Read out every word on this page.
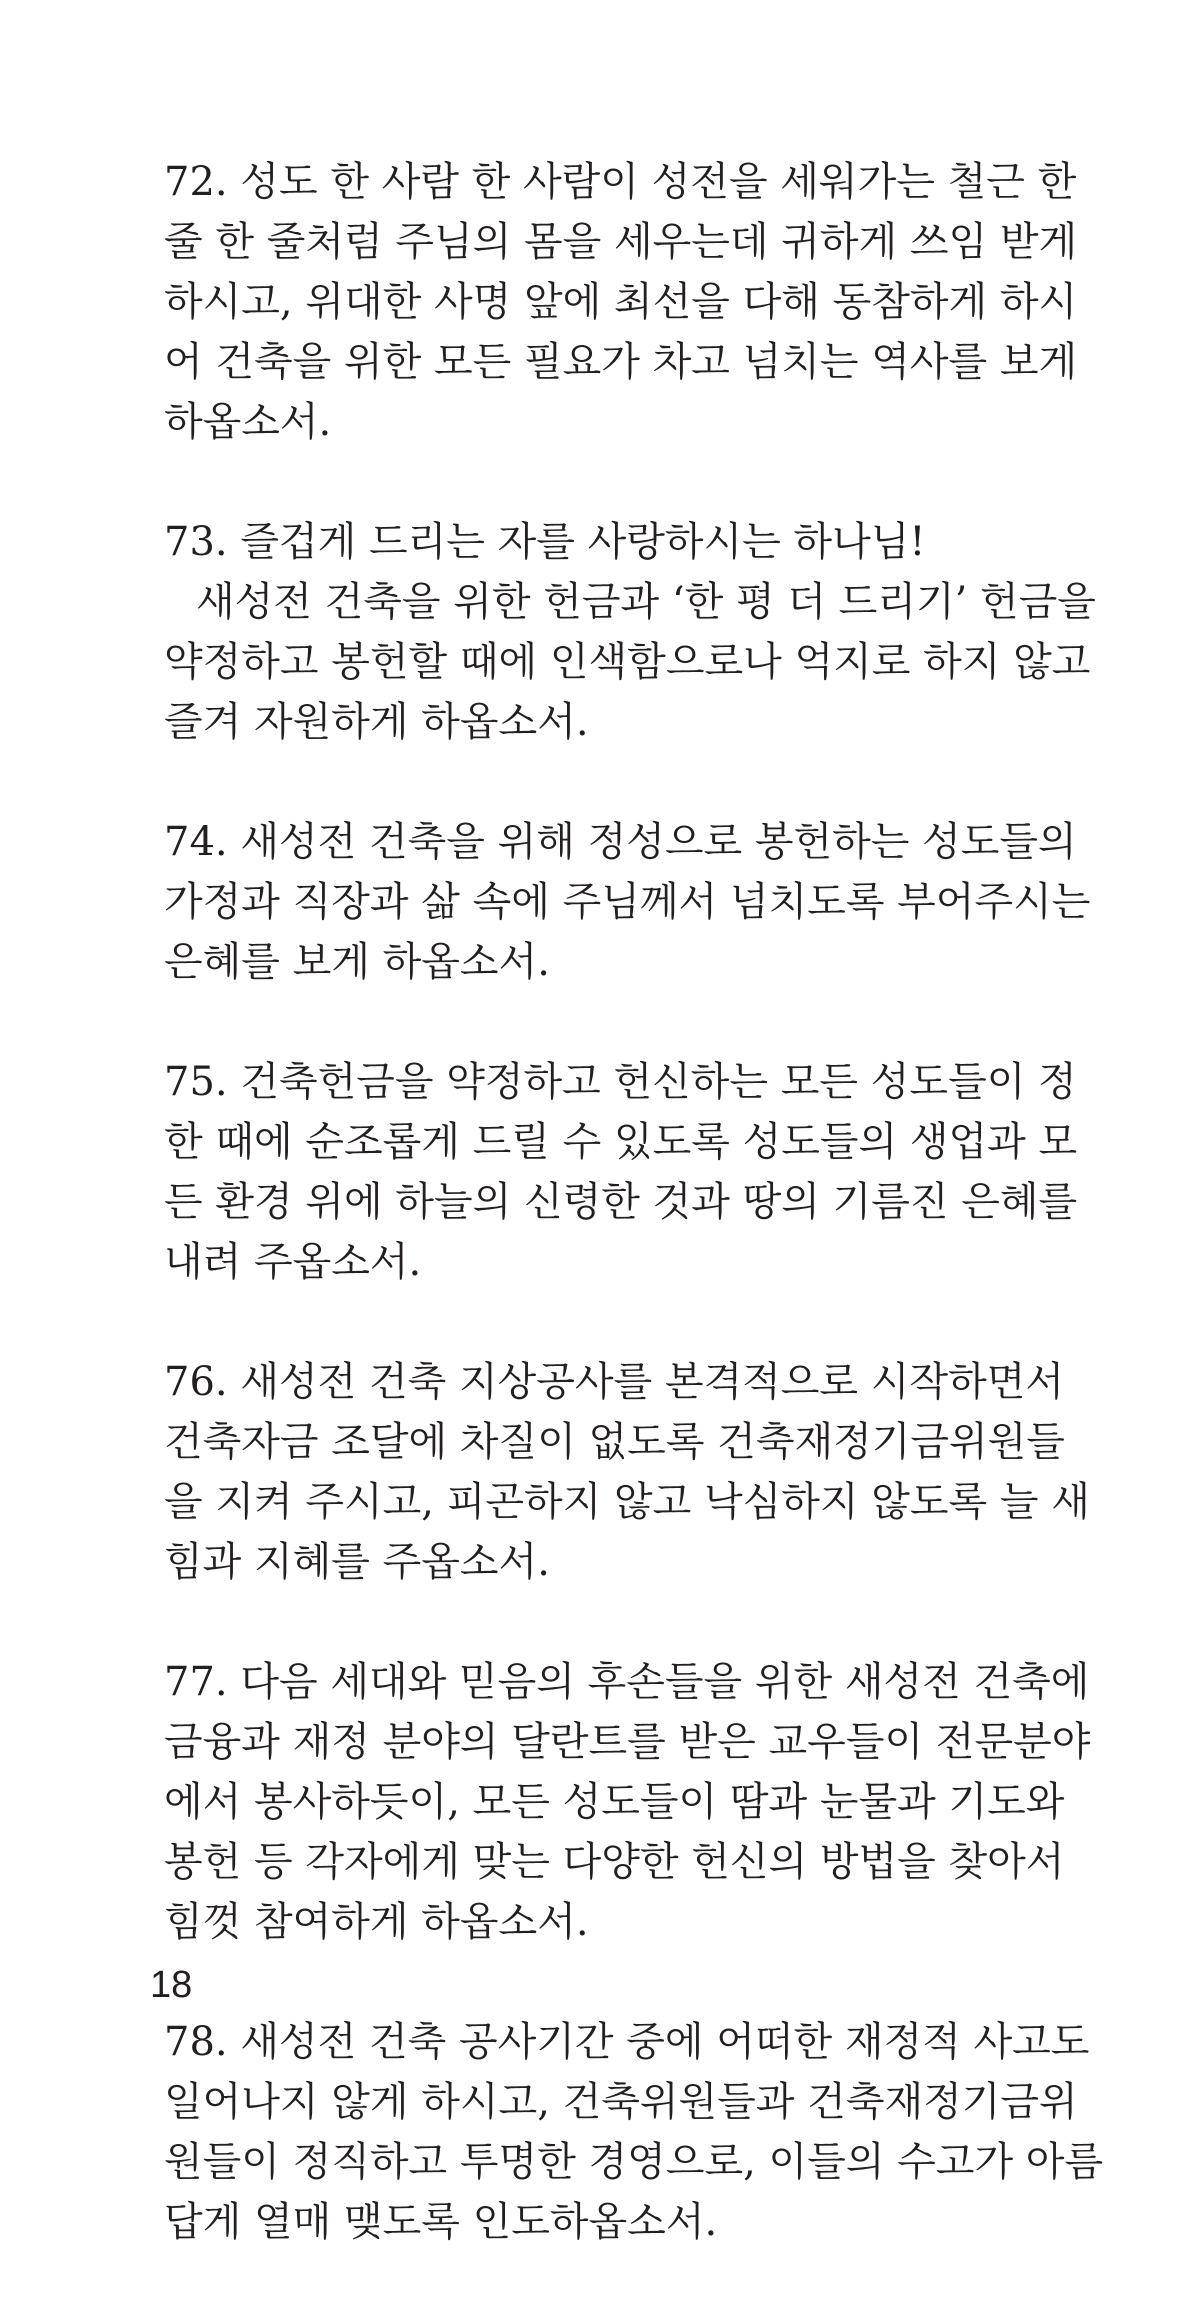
72. 성도 한 사람 한 사람이 성전을 세워가는 철근 한
줄 한 줄처럼 주님의 몸을 세우는데 귀하게 쓰임 받게
하시고, 위대한 사명 앞에 최선을 다해 동참하게 하시
어 건축을 위한 모든 필요가 차고 넘치는 역사를 보게
하옵소서.
73. 즐겁게 드리는 자를 사랑하시는 하나님!
새성전 건축을 위한 헌금과 ‘한 평 더 드리기’ 헌금을
약정하고 봉헌할 때에 인색함으로나 억지로 하지 않고
즐겨 자원하게 하옵소서.
74. 새성전 건축을 위해 정성으로 봉헌하는 성도들의
가정과 직장과 삶 속에 주님께서 넘치도록 부어주시는
은혜를 보게 하옵소서.
75. 건축헌금을 약정하고 헌신하는 모든 성도들이 정
한 때에 순조롭게 드릴 수 있도록 성도들의 생업과 모
든 환경 위에 하늘의 신령한 것과 땅의 기름진 은혜를
내려 주옵소서.
76. 새성전 건축 지상공사를 본격적으로 시작하면서
건축자금 조달에 차질이 없도록 건축재정기금위원들
을 지켜 주시고, 피곤하지 않고 낙심하지 않도록 늘 새
힘과 지혜를 주옵소서.
77. 다음 세대와 믿음의 후손들을 위한 새성전 건축에
금융과 재정 분야의 달란트를 받은 교우들이 전문분야
에서 봉사하듯이, 모든 성도들이 땀과 눈물과 기도와
봉헌 등 각자에게 맞는 다양한 헌신의 방법을 찾아서
힘껏 참여하게 하옵소서.
78. 새성전 건축 공사기간 중에 어떠한 재정적 사고도
일어나지 않게 하시고, 건축위원들과 건축재정기금위
원들이 정직하고 투명한 경영으로, 이들의 수고가 아름
답게 열매 맺도록 인도하옵소서.
18
